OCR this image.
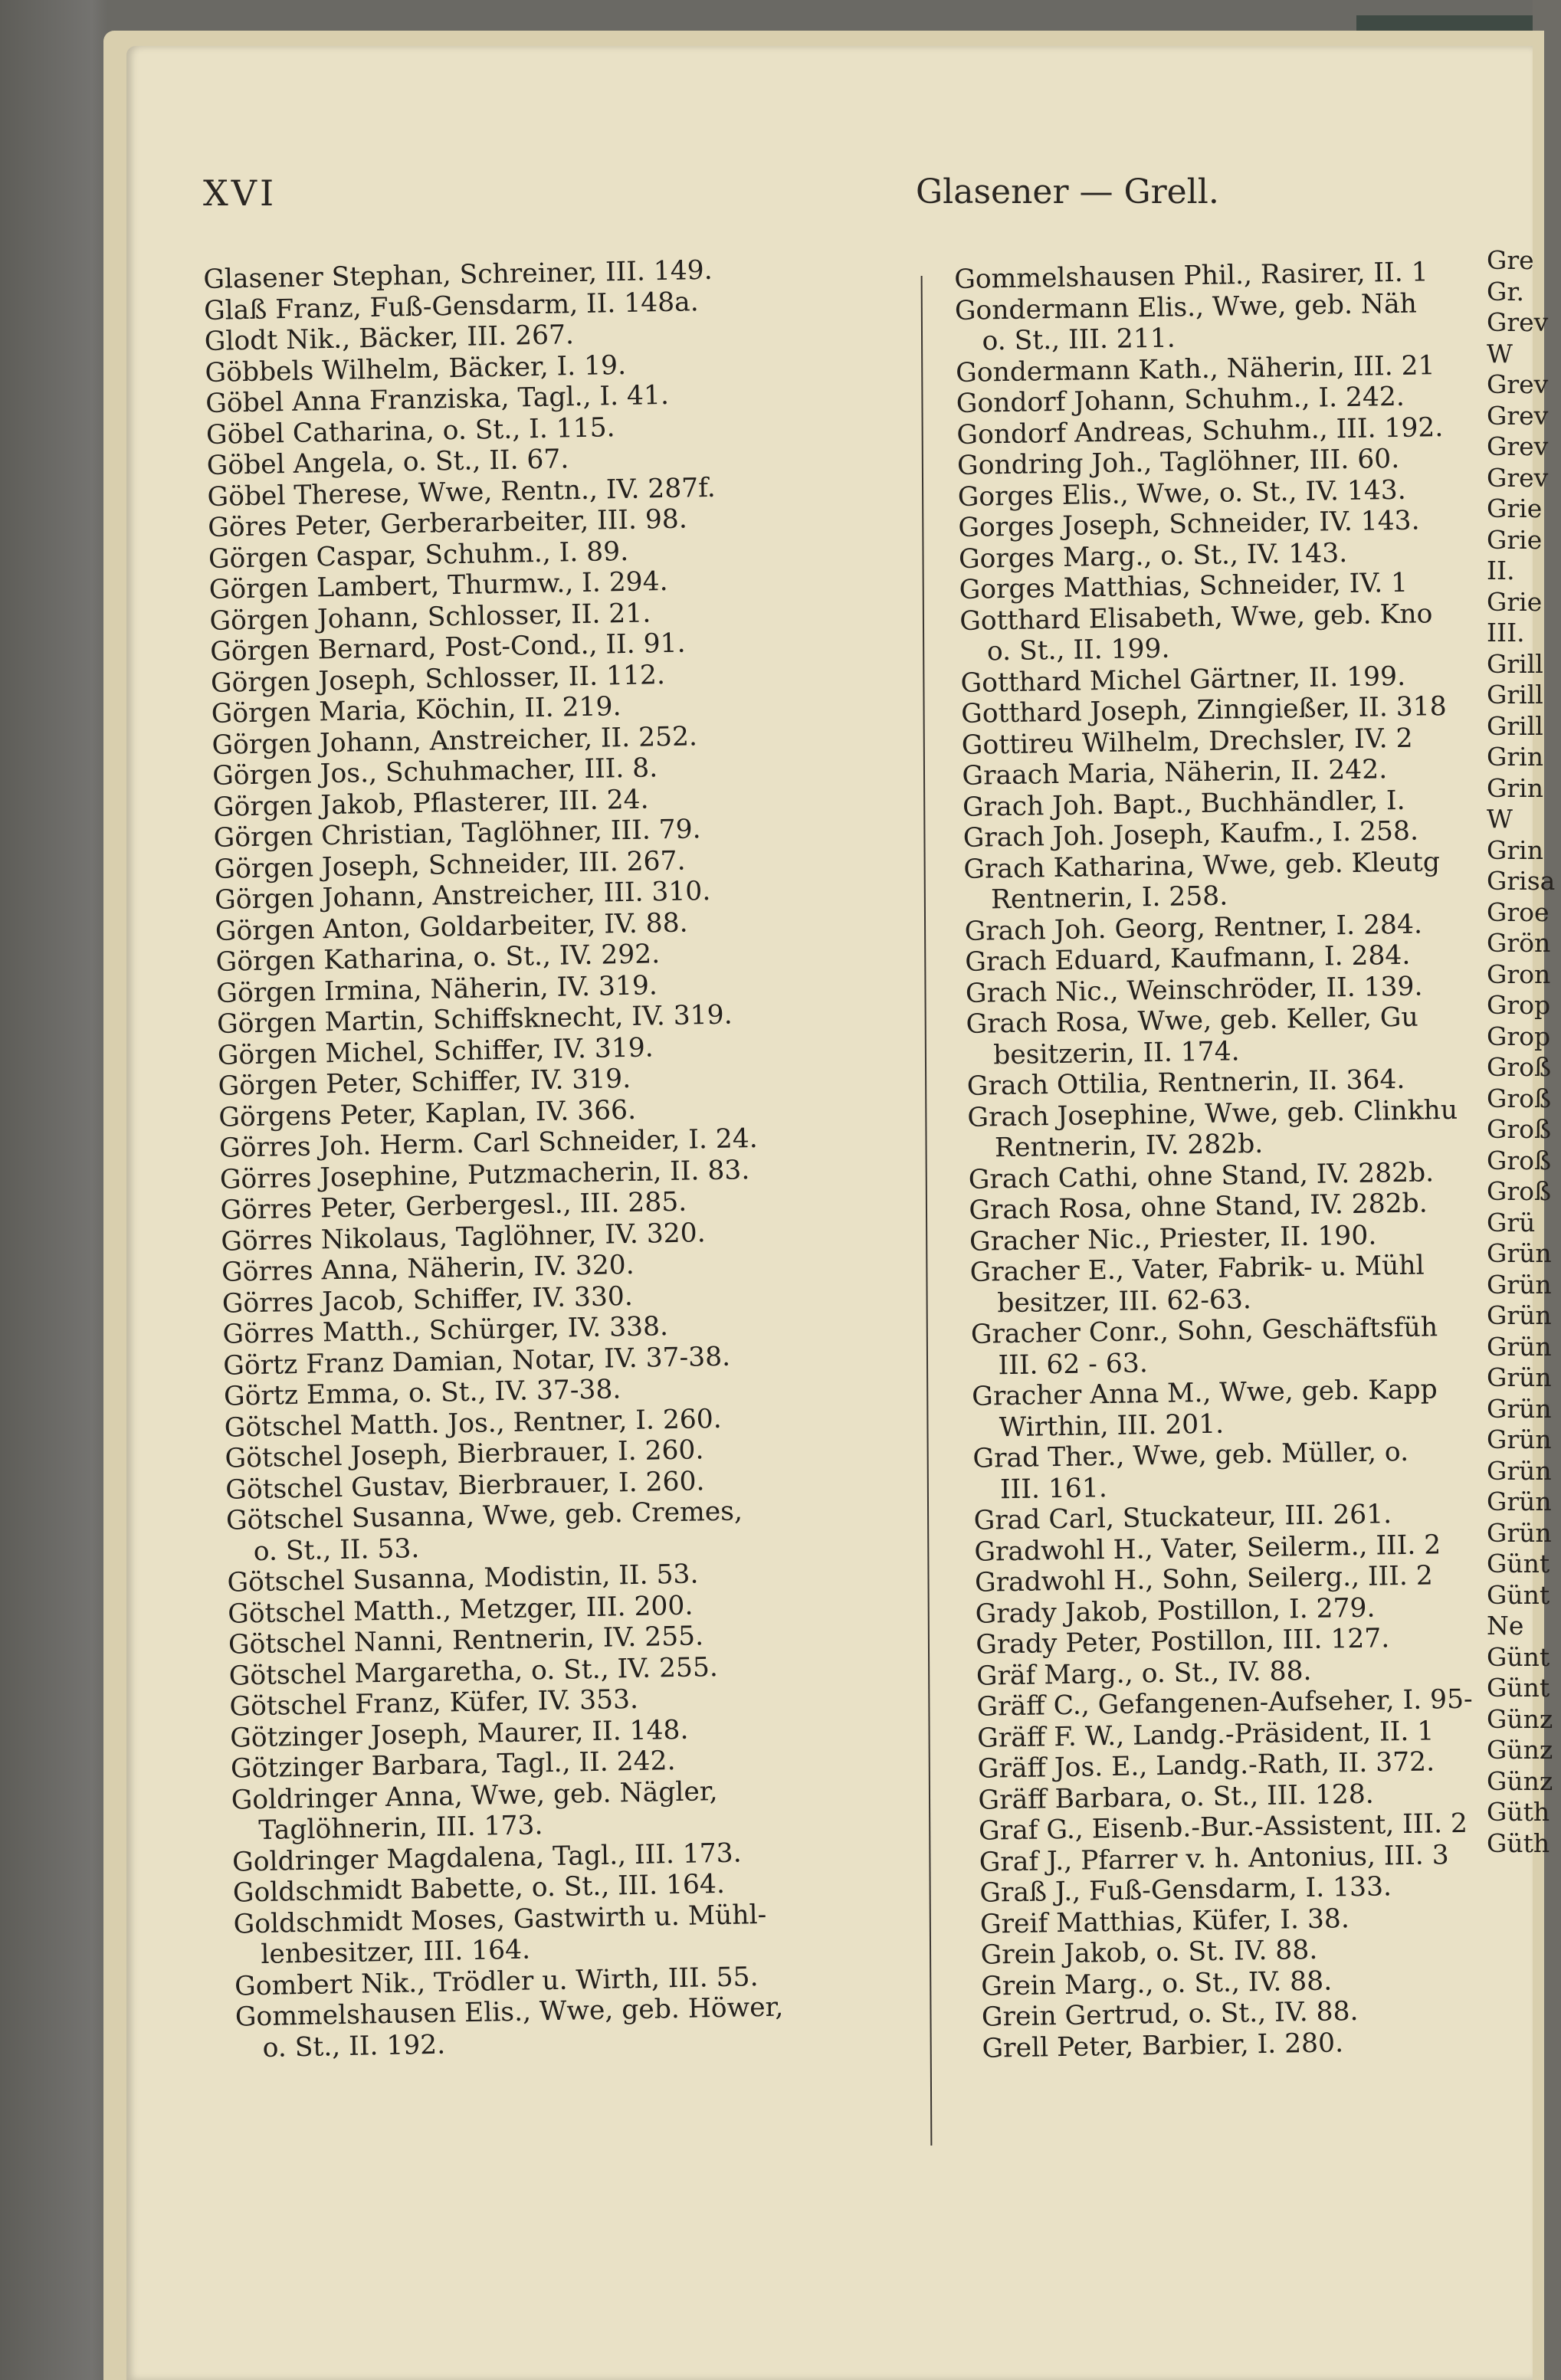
XVI	Glasener — Grell.
Glasener Stephan, Schreiner, III. 149.
Glaß Franz, Fuß-Gensdarm, II. 148a.
Glodt Nik., Bäcker, III. 267.
Göbbels Wilhelm, Bäcker, I. 19.
Göbel Anna Franziska, Tagl., I. 41.
Göbel Catharina, o. St., I. 115.
Göbel Angela, o. St., II. 67.
Göbel Therese, Wwe, Rentn., IV. 287f.
Göres Peter, Gerberarbeiter, III. 98.
Görgen Caspar, Schuhm., I. 89.
Görgen Lambert, Thurmw., I. 294.
Görgen Johann, Schlosser, II. 21.
Görgen Bernard, Post-Cond., II. 91.
Görgen Joseph, Schlosser, II. 112.
Görgen Maria, Köchin, II. 219.
Görgen Johann, Anstreicher, II. 252.
Görgen Jos., Schuhmacher, III. 8.
Görgen Jakob, Pflasterer, III. 24.
Görgen Christian, Taglöhner, III. 79.
Görgen Joseph, Schneider, III. 267.
Görgen Johann, Anstreicher, III. 310.
Görgen Anton, Goldarbeiter, IV. 88.
Görgen Katharina, o. St., IV. 292.
Görgen Irmina, Näherin, IV. 319.
Görgen Martin, Schiffsknecht, IV. 319.
Görgen Michel, Schiffer, IV. 319.
Görgen Peter, Schiffer, IV. 319.
Görgens Peter, Kaplan, IV. 366.
Görres Joh. Herm. Carl Schneider, I. 24.
Görres Josephine, Putzmacherin, II. 83.
Görres Peter, Gerbergesl., III. 285.
Görres Nikolaus, Taglöhner, IV. 320.
Görres Anna, Näherin, IV. 320.
Görres Jacob, Schiffer, IV. 330.
Görres Matth., Schürger, IV. 338.
Görtz Franz Damian, Notar, IV. 37-38.
Görtz Emma, o. St., IV. 37-38.
Götschel Matth. Jos., Rentner, I. 260.
Götschel Joseph, Bierbrauer, I. 260.
Götschel Gustav, Bierbrauer, I. 260.
Götschel Susanna, Wwe, geb. Cremes,
o. St., II. 53.
Götschel Susanna, Modistin, II. 53.
Götschel Matth., Metzger, III. 200.
Götschel Nanni, Rentnerin, IV. 255.
Götschel Margaretha, o. St., IV. 255.
Götschel Franz, Küfer, IV. 353.
Götzinger Joseph, Maurer, II. 148.
Götzinger Barbara, Tagl., II. 242.
Goldringer Anna, Wwe, geb. Nägler,
Taglöhnerin, III. 173.
Goldringer Magdalena, Tagl., III. 173.
Goldschmidt Babette, o. St., III. 164.
Goldschmidt Moses, Gastwirth u. Mühl-
lenbesitzer, III. 164.
Gombert Nik., Trödler u. Wirth, III. 55.
Gommelshausen Elis., Wwe, geb. Höwer,
o. St., II. 192.
Gommelshausen Phil., Rasirer, II. 1
Gondermann Elis., Wwe, geb. Näh
o. St., III. 211.
Gondermann Kath., Näherin, III. 21
Gondorf Johann, Schuhm., I. 242.
Gondorf Andreas, Schuhm., III. 192.
Gondring Joh., Taglöhner, III. 60.
Gorges Elis., Wwe, o. St., IV. 143.
Gorges Joseph, Schneider, IV. 143.
Gorges Marg., o. St., IV. 143.
Gorges Matthias, Schneider, IV. 1
Gotthard Elisabeth, Wwe, geb. Kno
o. St., II. 199.
Gotthard Michel Gärtner, II. 199.
Gotthard Joseph, Zinngießer, II. 318
Gottireu Wilhelm, Drechsler, IV. 2
Graach Maria, Näherin, II. 242.
Grach Joh. Bapt., Buchhändler, I.
Grach Joh. Joseph, Kaufm., I. 258.
Grach Katharina, Wwe, geb. Kleutg
Rentnerin, I. 258.
Grach Joh. Georg, Rentner, I. 284.
Grach Eduard, Kaufmann, I. 284.
Grach Nic., Weinschröder, II. 139.
Grach Rosa, Wwe, geb. Keller, Gu
besitzerin, II. 174.
Grach Ottilia, Rentnerin, II. 364.
Grach Josephine, Wwe, geb. Clinkhu
Rentnerin, IV. 282b.
Grach Cathi, ohne Stand, IV. 282b.
Grach Rosa, ohne Stand, IV. 282b.
Gracher Nic., Priester, II. 190.
Gracher E., Vater, Fabrik- u. Mühl
besitzer, III. 62-63.
Gracher Conr., Sohn, Geschäftsfüh
III. 62 - 63.
Gracher Anna M., Wwe, geb. Kapp
Wirthin, III. 201.
Grad Ther., Wwe, geb. Müller, o.
III. 161.
Grad Carl, Stuckateur, III. 261.
Gradwohl H., Vater, Seilerm., III. 2
Gradwohl H., Sohn, Seilerg., III. 2
Grady Jakob, Postillon, I. 279.
Grady Peter, Postillon, III. 127.
Gräf Marg., o. St., IV. 88.
Gräff C., Gefangenen-Aufseher, I. 95-
Gräff F. W., Landg.-Präsident, II. 1
Gräff Jos. E., Landg.-Rath, II. 372.
Gräff Barbara, o. St., III. 128.
Graf G., Eisenb.-Bur.-Assistent, III. 2
Graf J., Pfarrer v. h. Antonius, III. 3
Graß J., Fuß-Gensdarm, I. 133.
Greif Matthias, Küfer, I. 38.
Grein Jakob, o. St. IV. 88.
Grein Marg., o. St., IV. 88.
Grein Gertrud, o. St., IV. 88.
Grell Peter, Barbier, I. 280.
Gre
Gr.
Grev
W
Grev
Grev
Grev
Grev
Grie
Grie
II.
Grie
III.
Grill
Grill
Grill
Grin
Grin
W
Grin
Grisa
Groe
Grön
Gron
Grop
Grop
Groß
Groß
Groß
Groß
Groß
Grü
Grün
Grün
Grün
Grün
Grün
Grün
Grün
Grün
Grün
Grün
Günt
Günt
Ne
Günt
Günt
Günz
Günz
Günz
Güth
Güth
